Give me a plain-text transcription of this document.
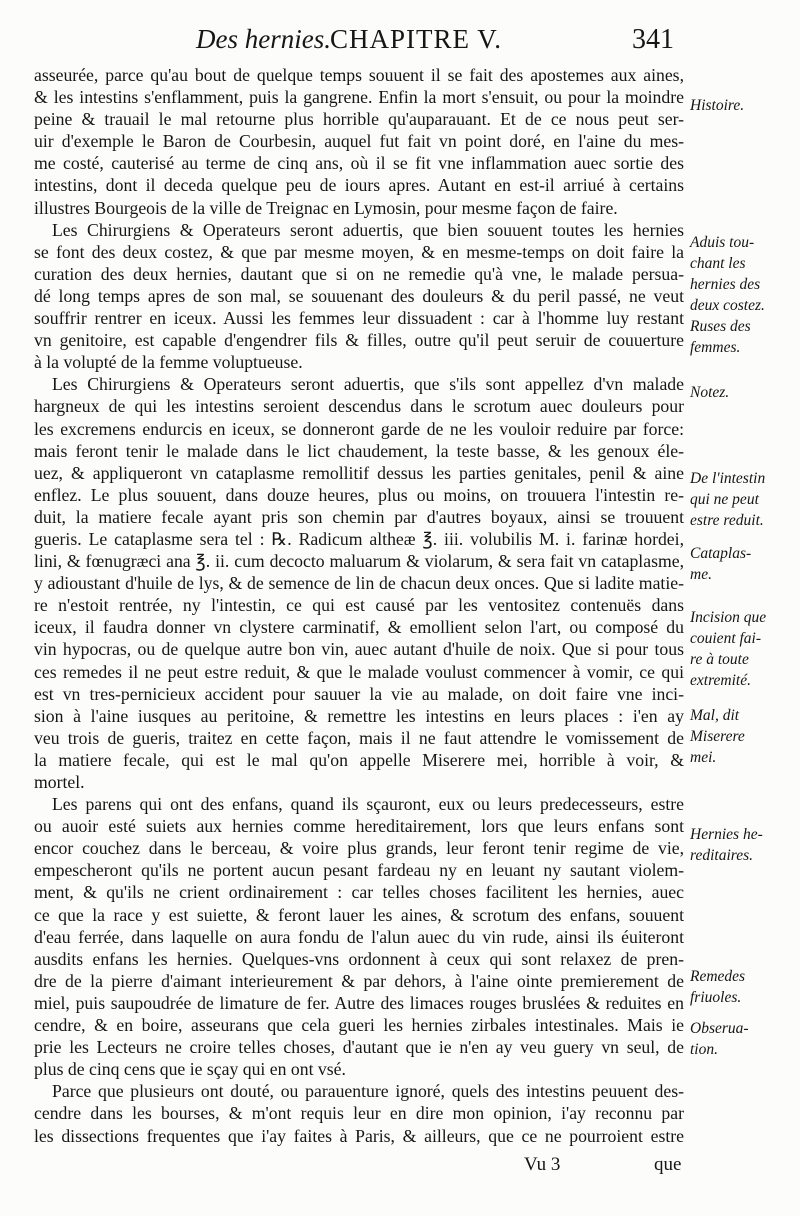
Des hernies. CHAPITRE V.	341
asseurée, parce qu'au bout de quelque temps souuent il se fait des apostemes aux aines,
& les intestins s'enflamment, puis la gangrene. Enfin la mort s'ensuit, ou pour la moindre
peine & trauail le mal retourne plus horrible qu'auparauant. Et de ce nous peut ser-
uir d'exemple le Baron de Courbesin, auquel fut fait vn point doré, en l'aine du mes-
me costé, cauterisé au terme de cinq ans, où il se fit vne inflammation auec sortie des
intestins, dont il deceda quelque peu de iours apres. Autant en est-il arriué à certains
illustres Bourgeois de la ville de Treignac en Lymosin, pour mesme façon de faire.
Les Chirurgiens & Operateurs seront aduertis, que bien souuent toutes les hernies
se font des deux costez, & que par mesme moyen, & en mesme-temps on doit faire la
curation des deux hernies, dautant que si on ne remedie qu'à vne, le malade persua-
dé long temps apres de son mal, se souuenant des douleurs & du peril passé, ne veut
souffrir rentrer en iceux. Aussi les femmes leur dissuadent : car à l'homme luy restant
vn genitoire, est capable d'engendrer fils & filles, outre qu'il peut seruir de couuerture
à la volupté de la femme voluptueuse.
Les Chirurgiens & Operateurs seront aduertis, que s'ils sont appellez d'vn malade
hargneux de qui les intestins seroient descendus dans le scrotum auec douleurs pour
les excremens endurcis en iceux, se donneront garde de ne les vouloir reduire par force:
mais feront tenir le malade dans le lict chaudement, la teste basse, & les genoux éle-
uez, & appliqueront vn cataplasme remollitif dessus les parties genitales, penil & aine
enflez. Le plus souuent, dans douze heures, plus ou moins, on trouuera l'intestin re-
duit, la matiere fecale ayant pris son chemin par d'autres boyaux, ainsi se trouuent
gueris. Le cataplasme sera tel : ℞. Radicum altheæ ℥. iii. volubilis M. i. farinæ hordei,
lini, & fœnugræci ana ℥. ii. cum decocto maluarum & violarum, & sera fait vn cataplasme,
y adioustant d'huile de lys, & de semence de lin de chacun deux onces. Que si ladite matie-
re n'estoit rentrée, ny l'intestin, ce qui est causé par les ventositez contenuës dans
iceux, il faudra donner vn clystere carminatif, & emollient selon l'art, ou composé du
vin hypocras, ou de quelque autre bon vin, auec autant d'huile de noix. Que si pour tous
ces remedes il ne peut estre reduit, & que le malade voulust commencer à vomir, ce qui
est vn tres-pernicieux accident pour sauuer la vie au malade, on doit faire vne inci-
sion à l'aine iusques au peritoine, & remettre les intestins en leurs places : i'en ay
veu trois de gueris, traitez en cette façon, mais il ne faut attendre le vomissement de
la matiere fecale, qui est le mal qu'on appelle Miserere mei, horrible à voir, &
mortel.
Les parens qui ont des enfans, quand ils sçauront, eux ou leurs predecesseurs, estre
ou auoir esté suiets aux hernies comme hereditairement, lors que leurs enfans sont
encor couchez dans le berceau, & voire plus grands, leur feront tenir regime de vie,
empescheront qu'ils ne portent aucun pesant fardeau ny en leuant ny sautant violem-
ment, & qu'ils ne crient ordinairement : car telles choses facilitent les hernies, auec
ce que la race y est suiette, & feront lauer les aines, & scrotum des enfans, souuent
d'eau ferrée, dans laquelle on aura fondu de l'alun auec du vin rude, ainsi ils éuiteront
ausdits enfans les hernies. Quelques-vns ordonnent à ceux qui sont relaxez de pren-
dre de la pierre d'aimant interieurement & par dehors, à l'aine ointe premierement de
miel, puis saupoudrée de limature de fer. Autre des limaces rouges bruslées & reduites en
cendre, & en boire, asseurans que cela gueri les hernies zirbales intestinales. Mais ie
prie les Lecteurs ne croire telles choses, d'autant que ie n'en ay veu guery vn seul, de
plus de cinq cens que ie sçay qui en ont vsé.
Parce que plusieurs ont douté, ou parauenture ignoré, quels des intestins peuuent des-
cendre dans les bourses, & m'ont requis leur en dire mon opinion, i'ay reconnu par
les dissections frequentes que i'ay faites à Paris, & ailleurs, que ce ne pourroient estre
Histoire.
Aduis tou-
chant les
hernies des
deux costez.
Ruses des
femmes.
Notez.
De l'intestin
qui ne peut
estre reduit.
Cataplas-
me.
Incision que
couient fai-
re à toute
extremité.
Mal, dit
Miserere
mei.
Hernies he-
reditaires.
Remedes
friuoles.
Obserua-
tion.
Vu 3	que
